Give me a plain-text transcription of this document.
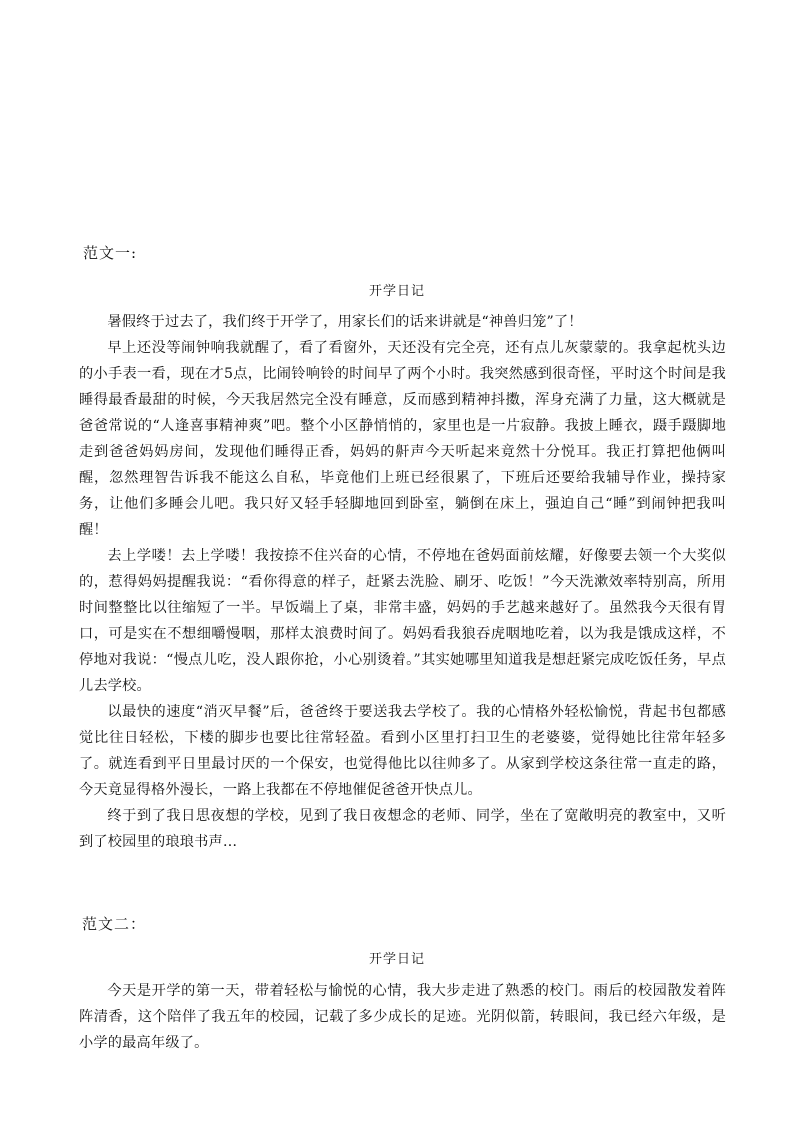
范文一:
开学日记

暑假终于过去了，我们终于开学了，用家长们的话来讲就是“神兽归笼”了！

早上还没等闹钟响我就醒了，看了看窗外，天还没有完全亮，还有点儿灰蒙蒙的。我拿起枕头边的小手表一看，现在才5点，比闹铃响铃的时间早了两个小时。我突然感到很奇怪，平时这个时间是我睡得最香最甜的时候，今天我居然完全没有睡意，反而感到精神抖擞，浑身充满了力量，这大概就是爸爸常说的“人逢喜事精神爽”吧。整个小区静悄悄的，家里也是一片寂静。我披上睡衣，蹑手蹑脚地走到爸爸妈妈房间，发现他们睡得正香，妈妈的鼾声今天听起来竟然十分悦耳。我正打算把他俩叫醒，忽然理智告诉我不能这么自私，毕竟他们上班已经很累了，下班后还要给我辅导作业，操持家务，让他们多睡会儿吧。我只好又轻手轻脚地回到卧室，躺倒在床上，强迫自己“睡”到闹钟把我叫醒！

去上学喽！去上学喽！我按捺不住兴奋的心情，不停地在爸妈面前炫耀，好像要去领一个大奖似的，惹得妈妈提醒我说：“看你得意的样子，赶紧去洗脸、刷牙、吃饭！”今天洗漱效率特别高，所用时间整整比以往缩短了一半。早饭端上了桌，非常丰盛，妈妈的手艺越来越好了。虽然我今天很有胃口，可是实在不想细嚼慢咽，那样太浪费时间了。妈妈看我狼吞虎咽地吃着，以为我是饿成这样，不停地对我说：“慢点儿吃，没人跟你抢，小心别烫着。”其实她哪里知道我是想赶紧完成吃饭任务，早点儿去学校。

以最快的速度“消灭早餐”后，爸爸终于要送我去学校了。我的心情格外轻松愉悦，背起书包都感觉比往日轻松，下楼的脚步也要比往常轻盈。看到小区里打扫卫生的老婆婆，觉得她比往常年轻多了。就连看到平日里最讨厌的一个保安，也觉得他比以往帅多了。从家到学校这条往常一直走的路，今天竟显得格外漫长，一路上我都在不停地催促爸爸开快点儿。

终于到了我日思夜想的学校，见到了我日夜想念的老师、同学，坐在了宽敞明亮的教室中，又听到了校园里的琅琅书声…

范文二：
开学日记

今天是开学的第一天，带着轻松与愉悦的心情，我大步走进了熟悉的校门。雨后的校园散发着阵阵清香，这个陪伴了我五年的校园，记载了多少成长的足迹。光阴似箭，转眼间，我已经六年级，是小学的最高年级了。
